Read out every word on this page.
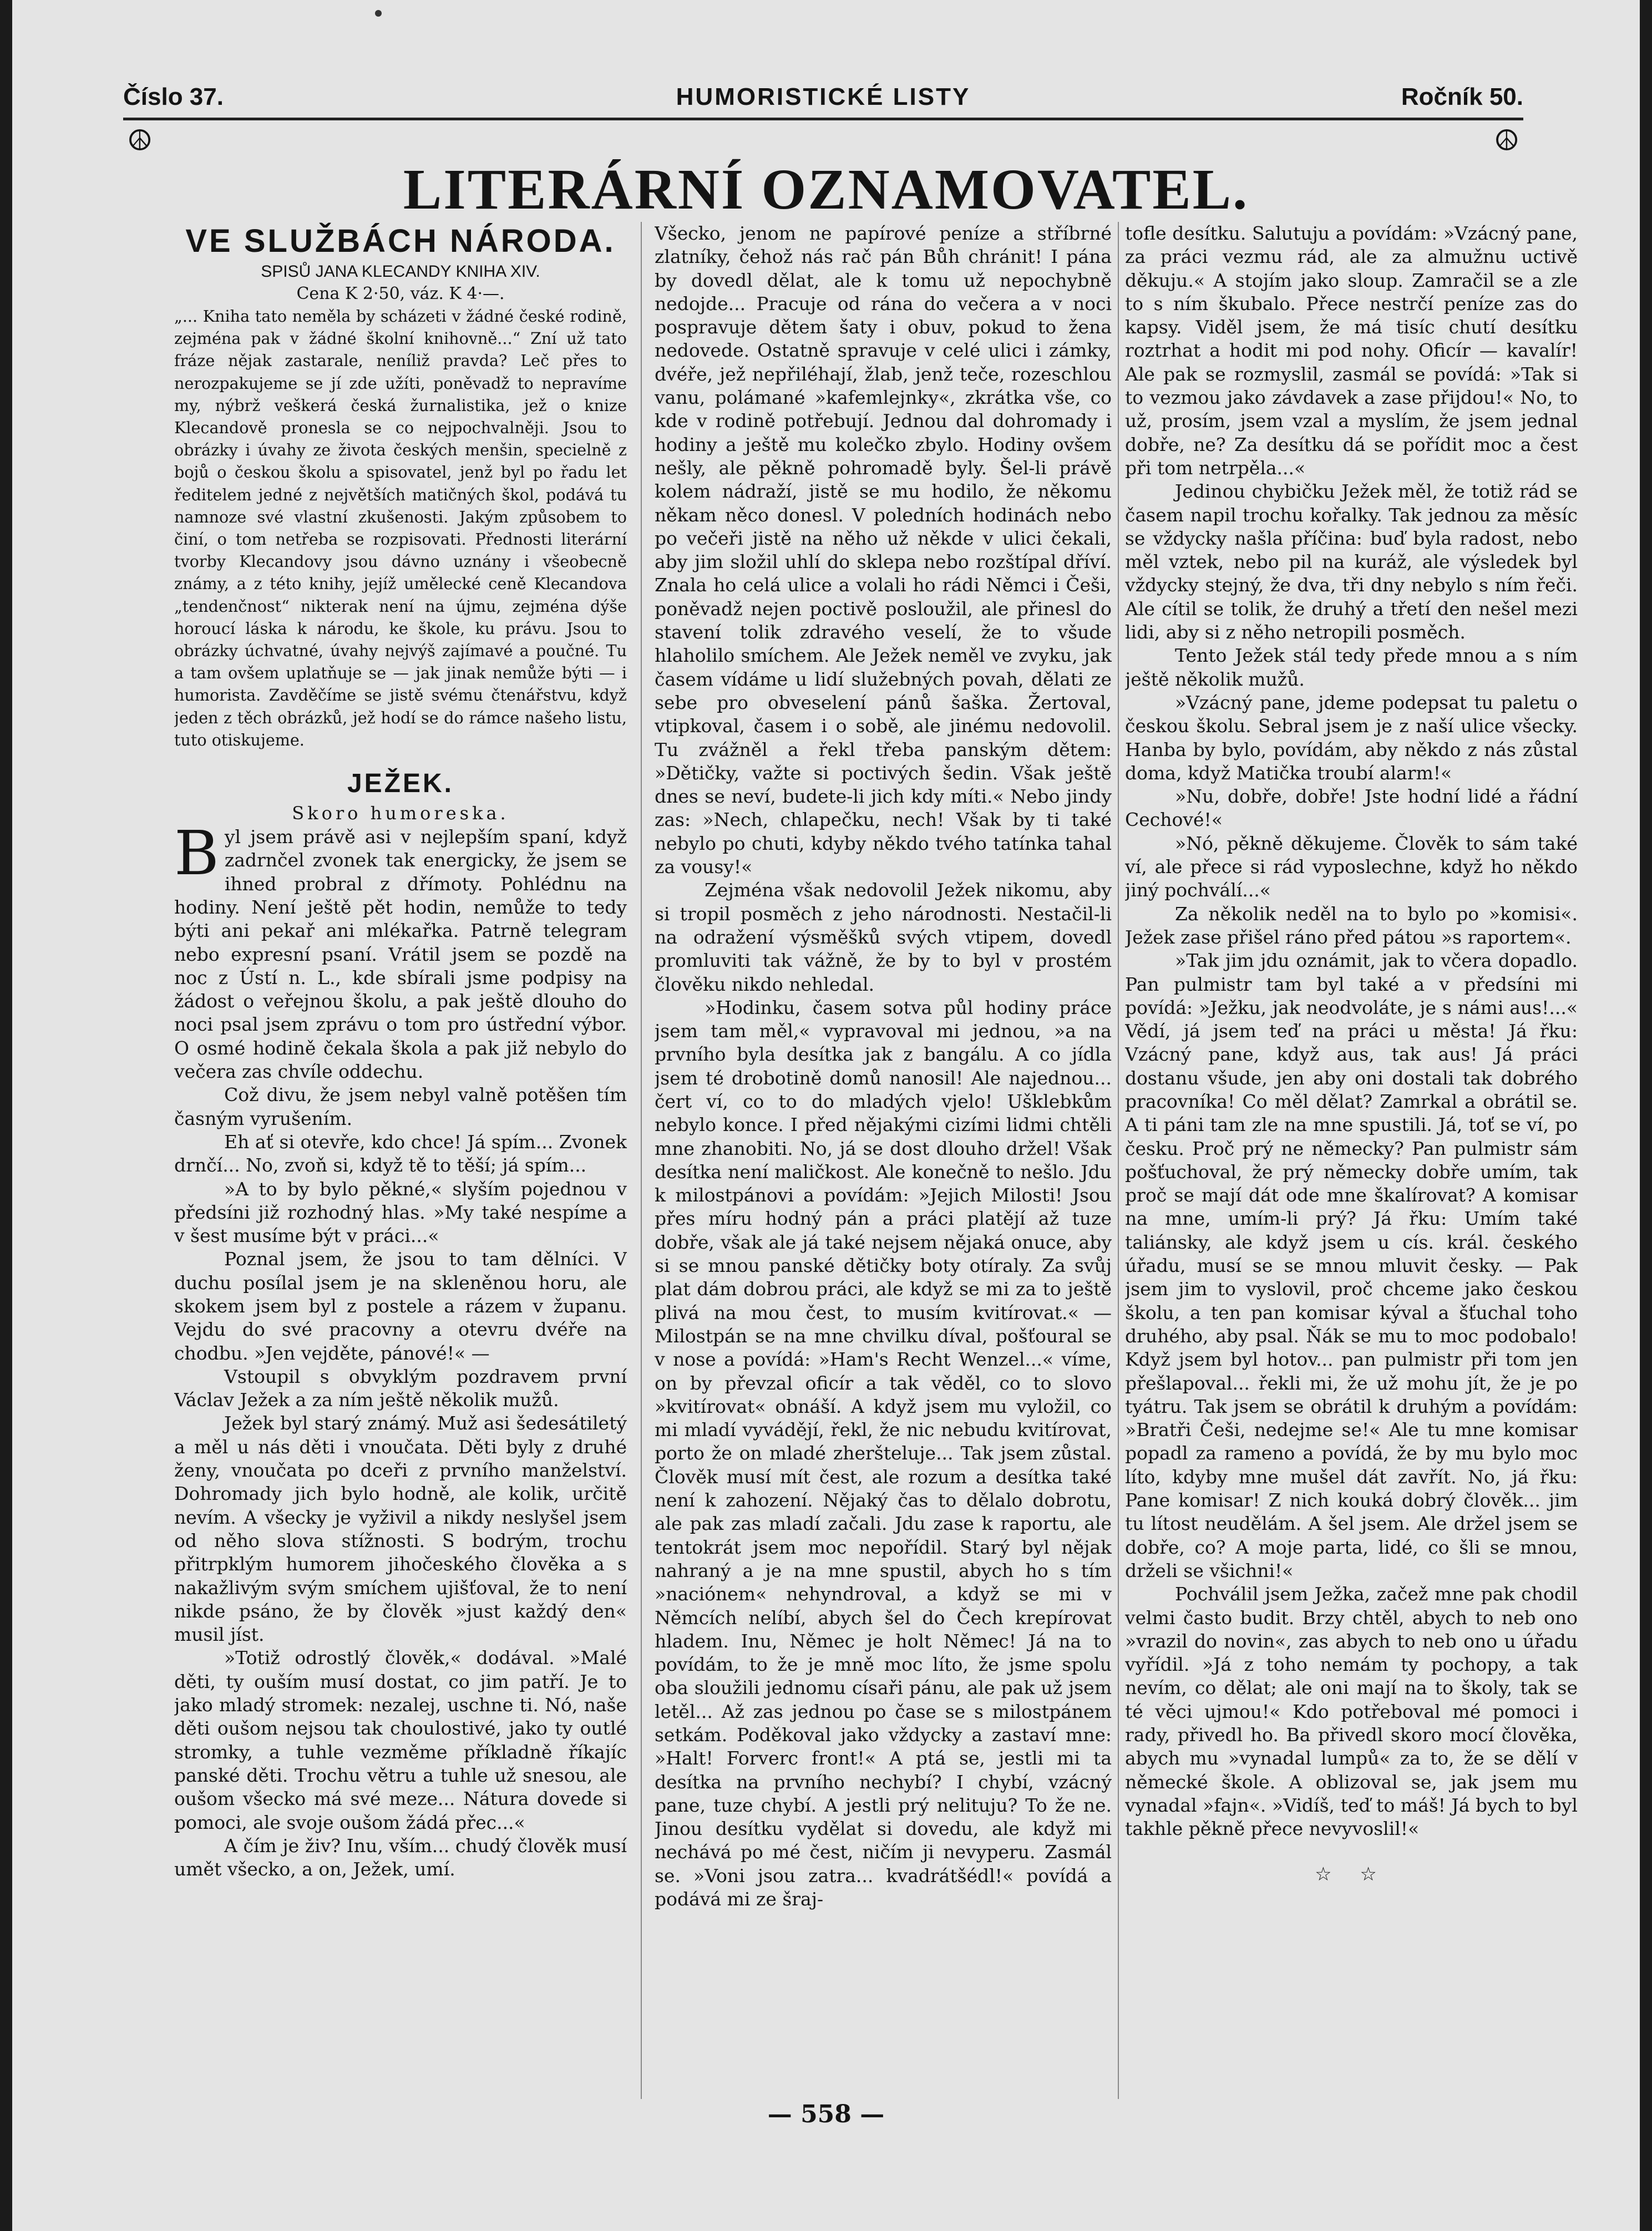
Číslo 37.	HUMORISTICKÉ LISTY	Ročník 50.
☮	☮
LITERÁRNÍ OZNAMOVATEL.
VE SLUŽBÁCH NÁRODA.

SPISŮ JANA KLECANDY KNIHA XIV.

Cena K 2·50, váz. K 4·—.

„... Kniha tato neměla by scházeti v žádné české rodině, zejména pak v žádné školní knihovně...“ Zní už tato fráze nějak zastarale, neníliž pravda? Leč přes to nerozpakujeme se jí zde užíti, poněvadž to nepravíme my, nýbrž veškerá česká žurnalistika, jež o knize Klecandově pronesla se co nejpochvalněji. Jsou to obrázky i úvahy ze života českých menšin, specielně z bojů o českou školu a spisovatel, jenž byl po řadu let ředitelem jedné z největších matičných škol, podává tu namnoze své vlastní zkušenosti. Jakým způsobem to činí, o tom netřeba se rozpisovati. Přednosti literární tvorby Klecandovy jsou dávno uznány i všeobecně známy, a z této knihy, jejíž umělecké ceně Klecandova „tendenčnost“ nikterak není na újmu, zejména dýše horoucí láska k národu, ke škole, ku právu. Jsou to obrázky úchvatné, úvahy nejvýš zajímavé a poučné. Tu a tam ovšem uplatňuje se — jak jinak nemůže býti — i humoristа. Zavděčíme se jistě svému čtenářstvu, když jeden z těch obrázků, jež hodí se do rámce našeho listu, tuto otiskujeme.

JEŽEK.

Skoro humoreska.

B yl jsem právě asi v nejlepším spaní, když zadrnčel zvonek tak energicky, že jsem se ihned probral z dřímoty. Pohlédnu na hodiny. Není ještě pět hodin, nemůže to tedy býti ani pekař ani mlékařka. Patrně telegram nebo expresní psaní. Vrátil jsem se pozdě na noc z Ústí n. L., kde sbírali jsme podpisy na žádost o veřejnou školu, a pak ještě dlouho do noci psal jsem zprávu o tom pro ústřední výbor. O osmé hodině čekala škola a pak již nebylo do večera zas chvíle oddechu.

Což divu, že jsem nebyl valně potěšen tím časným vyrušením.

Eh ať si otevře, kdo chce! Já spím... Zvonek drnčí... No, zvoň si, když tě to těší; já spím...

»A to by bylo pěkné,« slyším pojednou v předsíni již rozhodný hlas. »My také nespíme a v šest musíme být v práci...«

Poznal jsem, že jsou to tam dělníci. V duchu posílal jsem je na skleněnou horu, ale skokem jsem byl z postele a rázem v županu. Vejdu do své pracovny a otevru dvéře na chodbu. »Jen vejděte, pánové!« —

Vstoupil s obvyklým pozdravem první Václav Ježek a za ním ještě několik mužů.

Ježek byl starý známý. Muž asi šedesátiletý a měl u nás děti i vnoučata. Děti byly z druhé ženy, vnoučata po dceři z prvního manželství. Dohromady jich bylo hodně, ale kolik, určitě nevím. A všecky je vyživil a nikdy neslyšel jsem od něho slova stížnosti. S bodrým, trochu přitrpklým humorem jihočeského člověka a s nakažlivým svým smíchem ujišťoval, že to není nikde psáno, že by člověk »just každý den« musil jíst.

»Totiž odrostlý člověk,« dodával. »Malé děti, ty ouším musí dostat, co jim patří. Je to jako mladý stromek: nezalej, uschne ti. Nó, naše děti oušom nejsou tak choulostivé, jako ty outlé stromky, a tuhle vezměme příkladně říkajíc panské děti. Trochu větru a tuhle už snesou, ale oušom všecko má své meze... Nátura dovede si pomoci, ale svoje oušom žádá přec...«

A čím je živ? Inu, vším... chudý člověk musí umět všecko, a on, Ježek, umí.

Všecko, jenom ne papírové peníze a stříbrné zlatníky, čehož nás rač pán Bůh chránit! I pána by dovedl dělat, ale k tomu už nepochybně nedojde... Pracuje od rána do večera a v noci pospravuje dětem šaty i obuv, pokud to žena nedovede. Ostatně spravuje v celé ulici i zámky, dvéře, jež nepřiléhají, žlab, jenž teče, rozeschlou vanu, polámané »kafemlejnky«, zkrátka vše, co kde v rodině potřebují. Jednou dal dohromady i hodiny a ještě mu kolečko zbylo. Hodiny ovšem nešly, ale pěkně pohromadě byly. Šel-li právě kolem nádraží, jistě se mu hodilo, že někomu někam něco donesl. V poledních hodinách nebo po večeři jistě na něho už někde v ulici čekali, aby jim složil uhlí do sklepa nebo rozštípal dříví. Znala ho celá ulice a volali ho rádi Němci i Češi, poněvadž nejen poctivě posloužil, ale přinesl do stavení tolik zdravého veselí, že to všude hlaholilo smíchem. Ale Ježek neměl ve zvyku, jak časem vídáme u lidí služebných povah, dělati ze sebe pro obveselení pánů šaška. Žertoval, vtipkoval, časem i o sobě, ale jinému nedovolil. Tu zvážněl a řekl třeba panským dětem: »Dětičky, važte si poctivých šedin. Však ještě dnes se neví, budete-li jich kdy míti.« Nebo jindy zas: »Nech, chlapečku, nech! Však by ti také nebylo po chuti, kdyby někdo tvého tatínka tahal za vousy!«

Zejména však nedovolil Ježek nikomu, aby si tropil posměch z jeho národnosti. Nestačil-li na odražení výsměšků svých vtipem, dovedl promluviti tak vážně, že by to byl v prostém člověku nikdo nehledal.

»Hodinku, časem sotva půl hodiny práce jsem tam měl,« vypravoval mi jednou, »a na prvního byla desítka jak z bangálu. A co jídla jsem té drobotině domů nanosil! Ale najednou... čert ví, co to do mladých vjelo! Ušklebkům nebylo konce. I před nějakými cizími lidmi chtěli mne zhanobiti. No, já se dost dlouho držel! Však desítka není maličkost. Ale konečně to nešlo. Jdu k milostpánovi a povídám: »Jejich Milosti! Jsou přes míru hodný pán a práci platějí až tuze dobře, však ale já také nejsem nějaká onuce, aby si se mnou panské dětičky boty otíraly. Za svůj plat dám dobrou práci, ale když se mi za to ještě plivá na mou čest, to musím kvitírovat.« — Milostpán se na mne chvilku díval, pošťoural se v nose a povídá: »Ham's Recht Wenzel...« víme, on by převzal oficír a tak věděl, co to slovo »kvitírovat« obnáší. A když jsem mu vyložil, co mi mladí vyvádějí, řekl, že nic nebudu kvitírovat, porto že on mladé zheršteluje... Tak jsem zůstal. Člověk musí mít čest, ale rozum a desítka také není k zahození. Nějaký čas to dělalo dobrotu, ale pak zas mladí začali. Jdu zase k raportu, ale tentokrát jsem moc nepořídil. Starý byl nějak nahraný a je na mne spustil, abych ho s tím »naciónem« nehyndroval, a když se mi v Němcích nelíbí, abych šel do Čech krepírovat hladem. Inu, Němec je holt Němec! Já na to povídám, to že je mně moc líto, že jsme spolu oba sloužili jednomu císaři pánu, ale pak už jsem letěl... Až zas jednou po čase se s milostpánem setkám. Poděkoval jako vždycky a zastaví mne: »Halt! Forverc front!« A ptá se, jestli mi ta desítka na prvního nechybí? I chybí, vzácný pane, tuze chybí. A jestli prý nelituju? To že ne. Jinou desítku vydělat si dovedu, ale když mi nechává po mé čest, ničím ji nevyperu. Zasmál se. »Voni jsou zatra... kvadrátšédl!« povídá a podává mi ze šraj-

tofle desítku. Salutuju a povídám: »Vzácný pane, za práci vezmu rád, ale za almužnu uctivě děkuju.« A stojím jako sloup. Zamračil se a zle to s ním škubalo. Přece nestrčí peníze zas do kapsy. Viděl jsem, že má tisíc chutí desítku roztrhat a hodit mi pod nohy. Oficír — kavalír! Ale pak se rozmyslil, zasmál se povídá: »Tak si to vezmou jako závdavek a zase přijdou!« No, to už, prosím, jsem vzal a myslím, že jsem jednal dobře, ne? Za desítku dá se pořídit moc a čest při tom netrpěla...«

Jedinou chybičku Ježek měl, že totiž rád se časem napil trochu kořalky. Tak jednou za měsíc se vždycky našla příčina: buď byla radost, nebo měl vztek, nebo pil na kuráž, ale výsledek byl vždycky stejný, že dva, tři dny nebylo s ním řeči. Ale cítil se tolik, že druhý a třetí den nešel mezi lidi, aby si z něho netropili posměch.

Tento Ježek stál tedy přede mnou a s ním ještě několik mužů.

»Vzácný pane, jdeme podepsat tu paletu o českou školu. Sebral jsem je z naší ulice všecky. Hanba by bylo, povídám, aby někdo z nás zůstal doma, když Matička troubí alarm!«

»Nu, dobře, dobře! Jste hodní lidé a řádní Cechové!«

»Nó, pěkně děkujeme. Člověk to sám také ví, ale přece si rád vyposlechne, když ho někdo jiný pochválí...«

Za několik neděl na to bylo po »komisi«. Ježek zase přišel ráno před pátou »s raportem«.

»Tak jim jdu oznámit, jak to včera dopadlo. Pan pulmistr tam byl také a v předsíni mi povídá: »Ježku, jak neodvoláte, je s námi aus!...« Vědí, já jsem teď na práci u města! Já řku: Vzácný pane, když aus, tak aus! Já práci dostanu všude, jen aby oni dostali tak dobrého pracovníka! Co měl dělat? Zamrkal a obrátil se. A ti páni tam zle na mne spustili. Já, toť se ví, po česku. Proč prý ne německy? Pan pulmistr sám pošťuchoval, že prý německy dobře umím, tak proč se mají dát ode mne škalírovat? A komisar na mne, umím-li prý? Já řku: Umím také taliánsky, ale když jsem u cís. král. českého úřadu, musí se se mnou mluvit česky. — Pak jsem jim to vyslovil, proč chceme jako českou školu, a ten pan komisar kýval a šťuchal toho druhého, aby psal. Ňák se mu to moc podobalo! Když jsem byl hotov... pan pulmistr při tom jen přešlapoval... řekli mi, že už mohu jít, že je po tyátru. Tak jsem se obrátil k druhým a povídám: »Bratři Češi, nedejme se!« Ale tu mne komisar popadl za rameno a povídá, že by mu bylo moc líto, kdyby mne mušel dát zavřít. No, já řku: Pane komisar! Z nich kouká dobrý člověk... jim tu lítost neudělám. A šel jsem. Ale držel jsem se dobře, co? A moje parta, lidé, co šli se mnou, drželi se všichni!«

Pochválil jsem Ježka, začež mne pak chodil velmi často budit. Brzy chtěl, abych to neb ono »vrazil do novin«, zas abych to neb ono u úřadu vyřídil. »Já z toho nemám ty pochopy, a tak nevím, co dělat; ale oni mají na to školy, tak se té věci ujmou!« Kdo potřeboval mé pomoci i rady, přivedl ho. Ba přivedl skoro mocí člověka, abych mu »vynadal lumpů« za to, že se dělí v německé škole. A oblizoval se, jak jsem mu vynadal »fajn«. »Vidíš, teď to máš! Já bych to byl takhle pěkně přece nevyvoslil!«

☆ ☆
— 558 —
